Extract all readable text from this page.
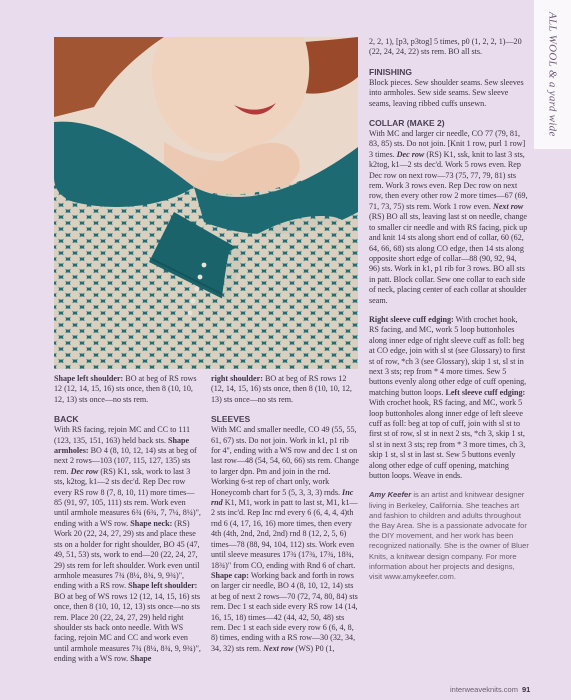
ALL WOOL & a yard wide

2, 2, 1), [p3, p3tog] 5 times, p0 (1, 2, 2, 1)—20 (22, 24, 24, 22) sts rem. BO all sts.

FINISHING

Block pieces. Sew shoulder seams. Sew sleeves into armholes. Sew side seams. Sew sleeve seams, leaving ribbed cuffs unsewn.

COLLAR (MAKE 2)

With MC and larger cir needle, CO 77 (79, 81, 83, 85) sts. Do not join. [Knit 1 row, purl 1 row] 3 times. Dec row (RS) K1, ssk, knit to last 3 sts, k2tog, k1—2 sts dec'd. Work 5 rows even. Rep Dec row on next row—73 (75, 77, 79, 81) sts rem. Work 3 rows even. Rep Dec row on next row, then every other row 2 more times—67 (69, 71, 73, 75) sts rem. Work 1 row even. Next row (RS) BO all sts, leaving last st on needle, change to smaller cir needle and with RS facing, pick up and knit 14 sts along short end of collar, 60 (62, 64, 66, 68) sts along CO edge, then 14 sts along opposite short edge of collar—88 (90, 92, 94, 96) sts. Work in k1, p1 rib for 3 rows. BO all sts in patt. Block collar. Sew one collar to each side of neck, placing center of each collar at shoulder seam.

Right sleeve cuff edging: With crochet hook, RS facing, and MC, work 5 loop buttonholes along inner edge of right sleeve cuff as foll: beg at CO edge, join with sl st (see Glossary) to first st of row, *ch 3 (see Glossary), skip 1 st, sl st in next 3 sts; rep from * 4 more times. Sew 5 buttons evenly along other edge of cuff opening, matching button loops. Left sleeve cuff edging: With crochet hook, RS facing, and MC, work 5 loop buttonholes along inner edge of left sleeve cuff as foll: beg at top of cuff, join with sl st to first st of row, sl st in next 2 sts, *ch 3, skip 1 st, sl st in next 3 sts; rep from * 3 more times, ch 3, skip 1 st, sl st in last st. Sew 5 buttons evenly along other edge of cuff opening, matching button loops. Weave in ends.

Amy Keefer is an artist and knitwear designer living in Berkeley, California. She teaches art and fashion to children and adults throughout the Bay Area. She is a passionate advocate for the DIY movement, and her work has been recognized nationally. She is the owner of Bluer Knits, a knitwear design company. For more information about her projects and designs, visit www.amykeefer.com.

Shape left shoulder: BO at beg of RS rows 12 (12, 14, 15, 16) sts once, then 8 (10, 10, 12, 13) sts once—no sts rem.

BACK

With RS facing, rejoin MC and CC to 111 (123, 135, 151, 163) held back sts. Shape armholes: BO 4 (8, 10, 12, 14) sts at beg of next 2 rows—103 (107, 115, 127, 135) sts rem. Dec row (RS) K1, ssk, work to last 3 sts, k2tog, k1—2 sts dec'd. Rep Dec row every RS row 8 (7, 8, 10, 11) more times—85 (91, 97, 105, 111) sts rem. Work even until armhole measures 6¾ (6¾, 7, 7¼, 8¼)", ending with a WS row. Shape neck: (RS) Work 20 (22, 24, 27, 29) sts and place these sts on a holder for right shoulder, BO 45 (47, 49, 51, 53) sts, work to end—20 (22, 24, 27, 29) sts rem for left shoulder. Work even until armhole measures 7¾ (8¼, 8¾, 9, 9¾)", ending with a RS row. Shape left shoulder: BO at beg of WS rows 12 (12, 14, 15, 16) sts once, then 8 (10, 10, 12, 13) sts once—no sts rem. Place 20 (22, 24, 27, 29) held right shoulder sts back onto needle. With WS facing, rejoin MC and CC and work even until armhole measures 7¾ (8¼, 8¾, 9, 9¾)", ending with a WS row. Shape

right shoulder: BO at beg of RS rows 12 (12, 14, 15, 16) sts once, then 8 (10, 10, 12, 13) sts once—no sts rem.

SLEEVES

With MC and smaller needle, CO 49 (55, 55, 61, 67) sts. Do not join. Work in k1, p1 rib for 4", ending with a WS row and dec 1 st on last row—48 (54, 54, 60, 66) sts rem. Change to larger dpn. Pm and join in the rnd. Working 6-st rep of chart only, work Honeycomb chart for 5 (5, 3, 3, 3) rnds. Inc rnd K1, M1, work in patt to last st, M1, k1—2 sts inc'd. Rep Inc rnd every 6 (6, 4, 4, 4)th rnd 6 (4, 17, 16, 16) more times, then every 4th (4th, 2nd, 2nd, 2nd) rnd 8 (12, 2, 5, 6) times—78 (88, 94, 104, 112) sts. Work even until sleeve measures 17¾ (17¾, 17¾, 18¾, 18¾)" from CO, ending with Rnd 6 of chart. Shape cap: Working back and forth in rows on larger cir needle, BO 4 (8, 10, 12, 14) sts at beg of next 2 rows—70 (72, 74, 80, 84) sts rem. Dec 1 st each side every RS row 14 (14, 16, 15, 18) times—42 (44, 42, 50, 48) sts rem. Dec 1 st each side every row 6 (6, 4, 8, 8) times, ending with a RS row—30 (32, 34, 34, 32) sts rem. Next row (WS) P0 (1,

interweaveknits.com 91
